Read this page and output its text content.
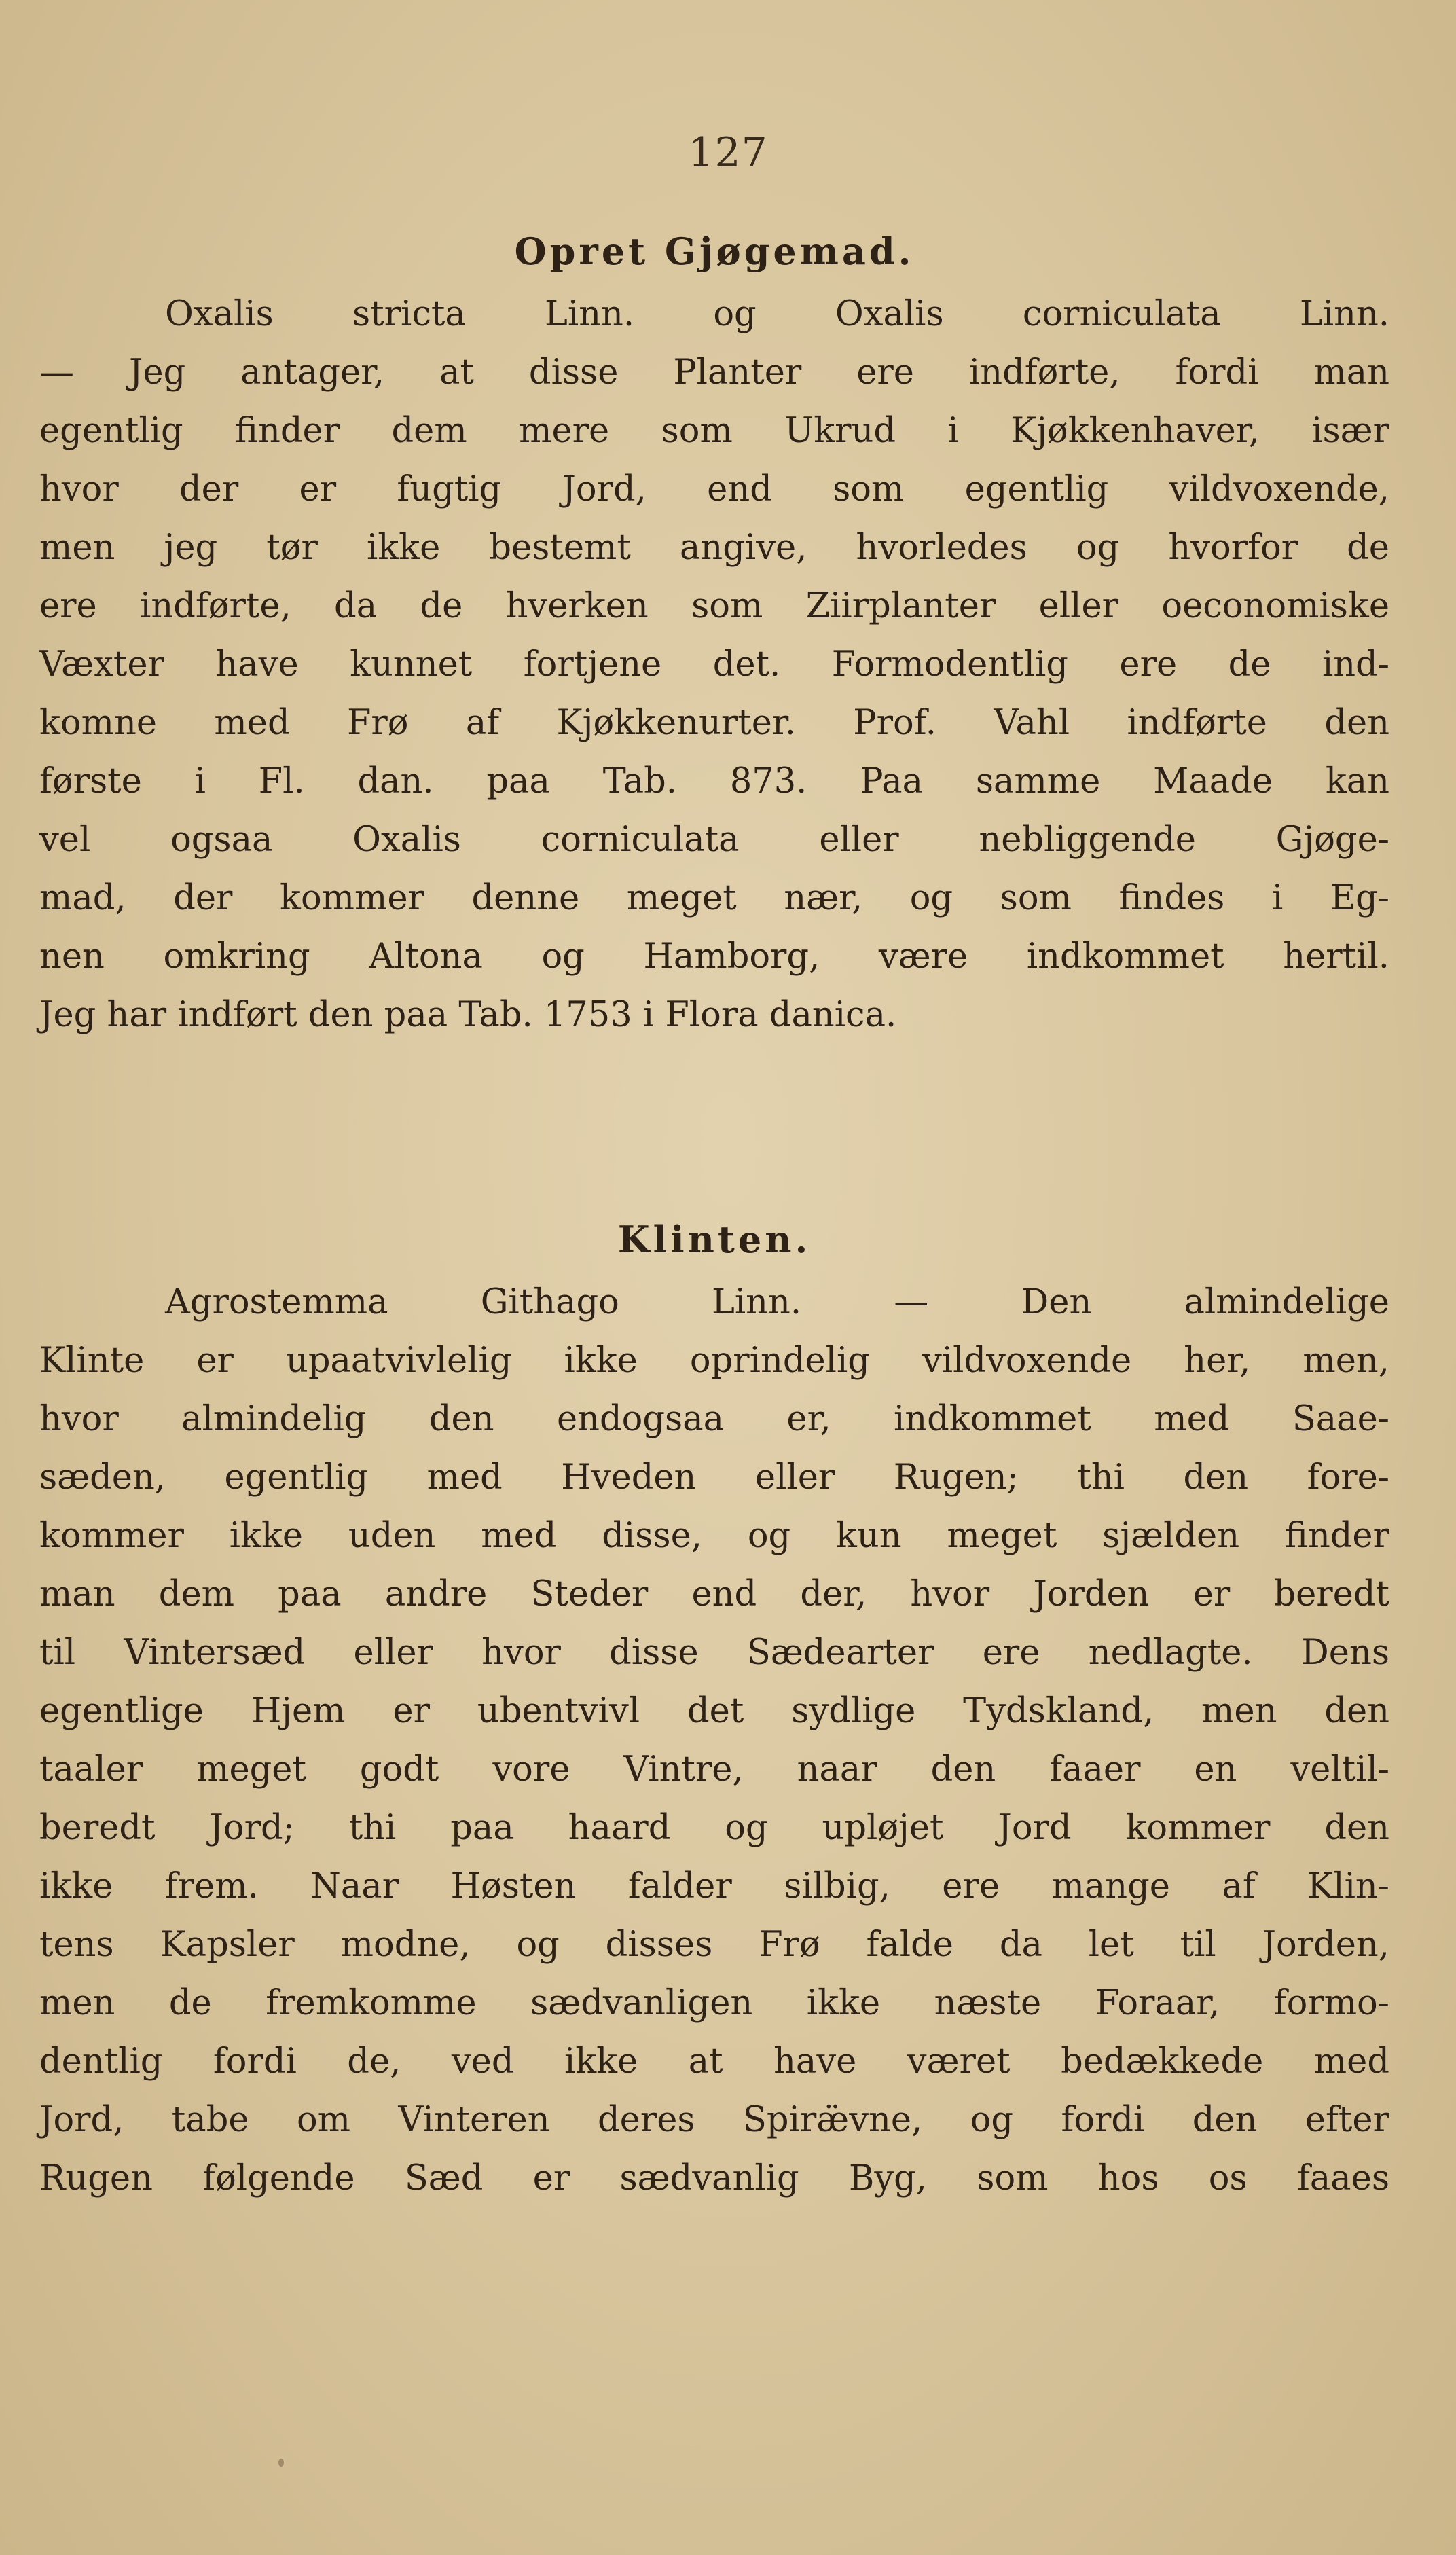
127
Opret Gjøgemad.
Oxalis stricta Linn. og Oxalis corniculata Linn.
— Jeg antager, at disse Planter ere indførte, fordi man
egentlig finder dem mere som Ukrud i Kjøkkenhaver, især
hvor der er fugtig Jord, end som egentlig vildvoxende,
men jeg tør ikke bestemt angive, hvorledes og hvorfor de
ere indførte, da de hverken som Ziirplanter eller oeconomiske
Væxter have kunnet fortjene det. Formodentlig ere de ind-
komne med Frø af Kjøkkenurter. Prof. Vahl indførte den
første i Fl. dan. paa Tab. 873. Paa samme Maade kan
vel ogsaa Oxalis corniculata eller nebliggende Gjøge-
mad, der kommer denne meget nær, og som findes i Eg-
nen omkring Altona og Hamborg, være indkommet hertil.
Jeg har indført den paa Tab. 1753 i Flora danica.
Klinten.
Agrostemma Githago Linn. — Den almindelige
Klinte er upaatvivlelig ikke oprindelig vildvoxende her, men,
hvor almindelig den endogsaa er, indkommet med Saae-
sæden, egentlig med Hveden eller Rugen; thi den fore-
kommer ikke uden med disse, og kun meget sjælden finder
man dem paa andre Steder end der, hvor Jorden er beredt
til Vintersæd eller hvor disse Sædearter ere nedlagte. Dens
egentlige Hjem er ubentvivl det sydlige Tydskland, men den
taaler meget godt vore Vintre, naar den faaer en veltil-
beredt Jord; thi paa haard og upløjet Jord kommer den
ikke frem. Naar Høsten falder silbig, ere mange af Klin-
tens Kapsler modne, og disses Frø falde da let til Jorden,
men de fremkomme sædvanligen ikke næste Foraar, formo-
dentlig fordi de, ved ikke at have været bedækkede med
Jord, tabe om Vinteren deres Spiræ̈vne, og fordi den efter
Rugen følgende Sæd er sædvanlig Byg, som hos os faaes
